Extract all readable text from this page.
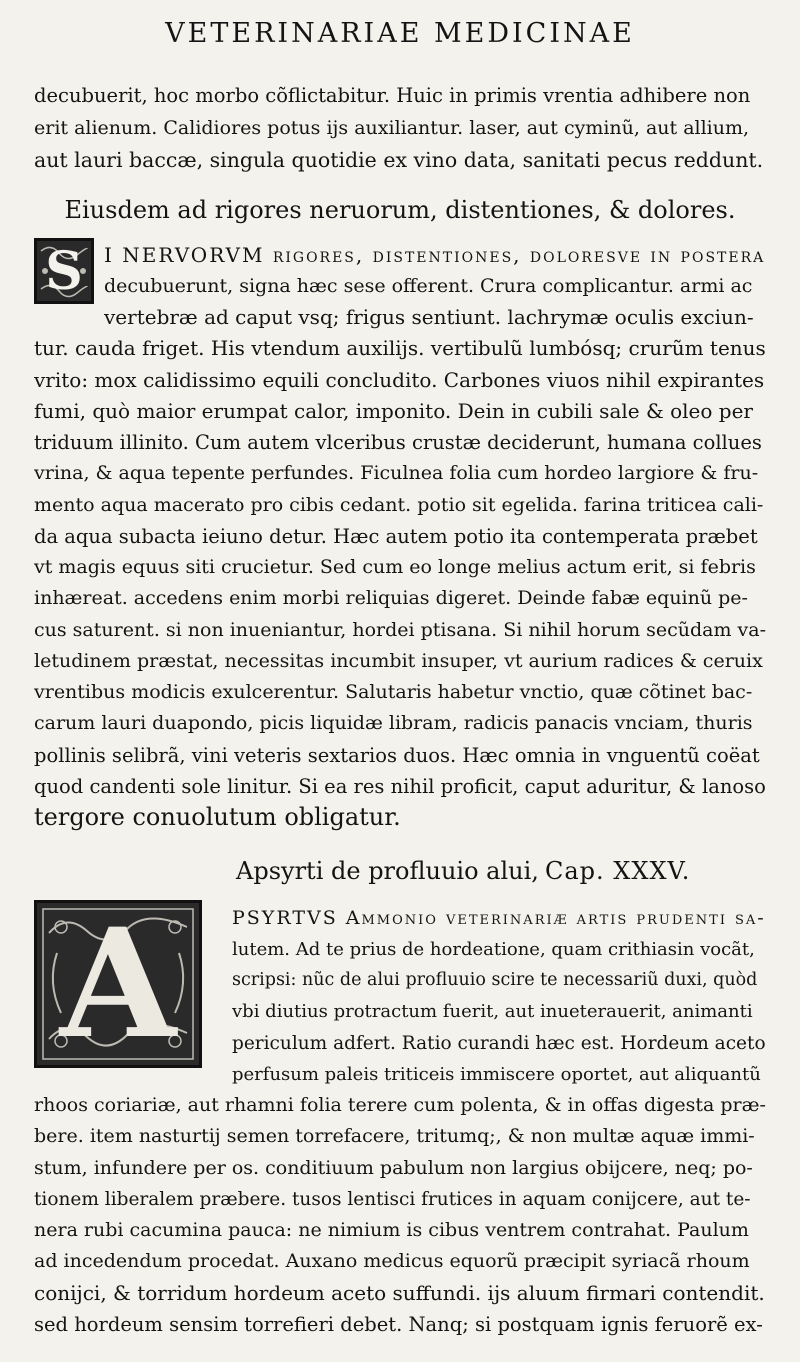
VETERINARIAE MEDICINAE
decubuerit, hoc morbo cõflictabitur. Huic in primis vrentia adhibere non
erit alienum. Calidiores potus ijs auxiliantur. laser, aut cyminũ, aut allium,
aut lauri baccæ, singula quotidie ex vino data, sanitati pecus reddunt.
Eiusdem ad rigores neruorum, distentiones, & dolores.
S	I NERVORVM rigores, distentiones, doloresve in postera
decubuerunt, signa hæc sese offerent. Crura complicantur. armi ac
vertebræ ad caput vsq; frigus sentiunt. lachrymæ oculis exciun-
tur. cauda friget. His vtendum auxilijs. vertibulũ lumbósq; crurũm tenus
vrito: mox calidissimo equili concludito. Carbones viuos nihil expirantes
fumi, quò maior erumpat calor, imponito. Dein in cubili sale & oleo per
triduum illinito. Cum autem vlceribus crustæ deciderunt, humana collues
vrina, & aqua tepente perfundes. Ficulnea folia cum hordeo largiore & fru-
mento aqua macerato pro cibis cedant. potio sit egelida. farina triticea cali-
da aqua subacta ieiuno detur. Hæc autem potio ita contemperata præbet
vt magis equus siti crucietur. Sed cum eo longe melius actum erit, si febris
inhæreat. accedens enim morbi reliquias digeret. Deinde fabæ equinũ pe-
cus saturent. si non inueniantur, hordei ptisana. Si nihil horum secũdam va-
letudinem præstat, necessitas incumbit insuper, vt aurium radices & ceruix
vrentibus modicis exulcerentur. Salutaris habetur vnctio, quæ cõtinet bac-
carum lauri duapondo, picis liquidæ libram, radicis panacis vnciam, thuris
pollinis selibrã, vini veteris sextarios duos. Hæc omnia in vnguentũ coëat
quod candenti sole linitur. Si ea res nihil proficit, caput aduritur, & lanoso
tergore conuolutum obligatur.
Apsyrti de profluuio alui, Cap. XXXV.
A	PSYRTVS Ammonio veterinariæ artis prudenti sa-
lutem. Ad te prius de hordeatione, quam crithiasin vocãt,
scripsi: nũc de alui profluuio scire te necessariũ duxi, quòd
vbi diutius protractum fuerit, aut inueterauerit, animanti
periculum adfert. Ratio curandi hæc est. Hordeum aceto
perfusum paleis triticeis immiscere oportet, aut aliquantũ
rhoos coriariæ, aut rhamni folia terere cum polenta, & in offas digesta præ-
bere. item nasturtij semen torrefacere, tritumq;, & non multæ aquæ immi-
stum, infundere per os. conditiuum pabulum non largius obijcere, neq; po-
tionem liberalem præbere. tusos lentisci frutices in aquam conijcere, aut te-
nera rubi cacumina pauca: ne nimium is cibus ventrem contrahat. Paulum
ad incedendum procedat. Auxano medicus equorũ præcipit syriacã rhoum
conijci, & torridum hordeum aceto suffundi. ijs aluum firmari contendit.
sed hordeum sensim torrefieri debet. Nanq; si postquam ignis feruorẽ ex-
